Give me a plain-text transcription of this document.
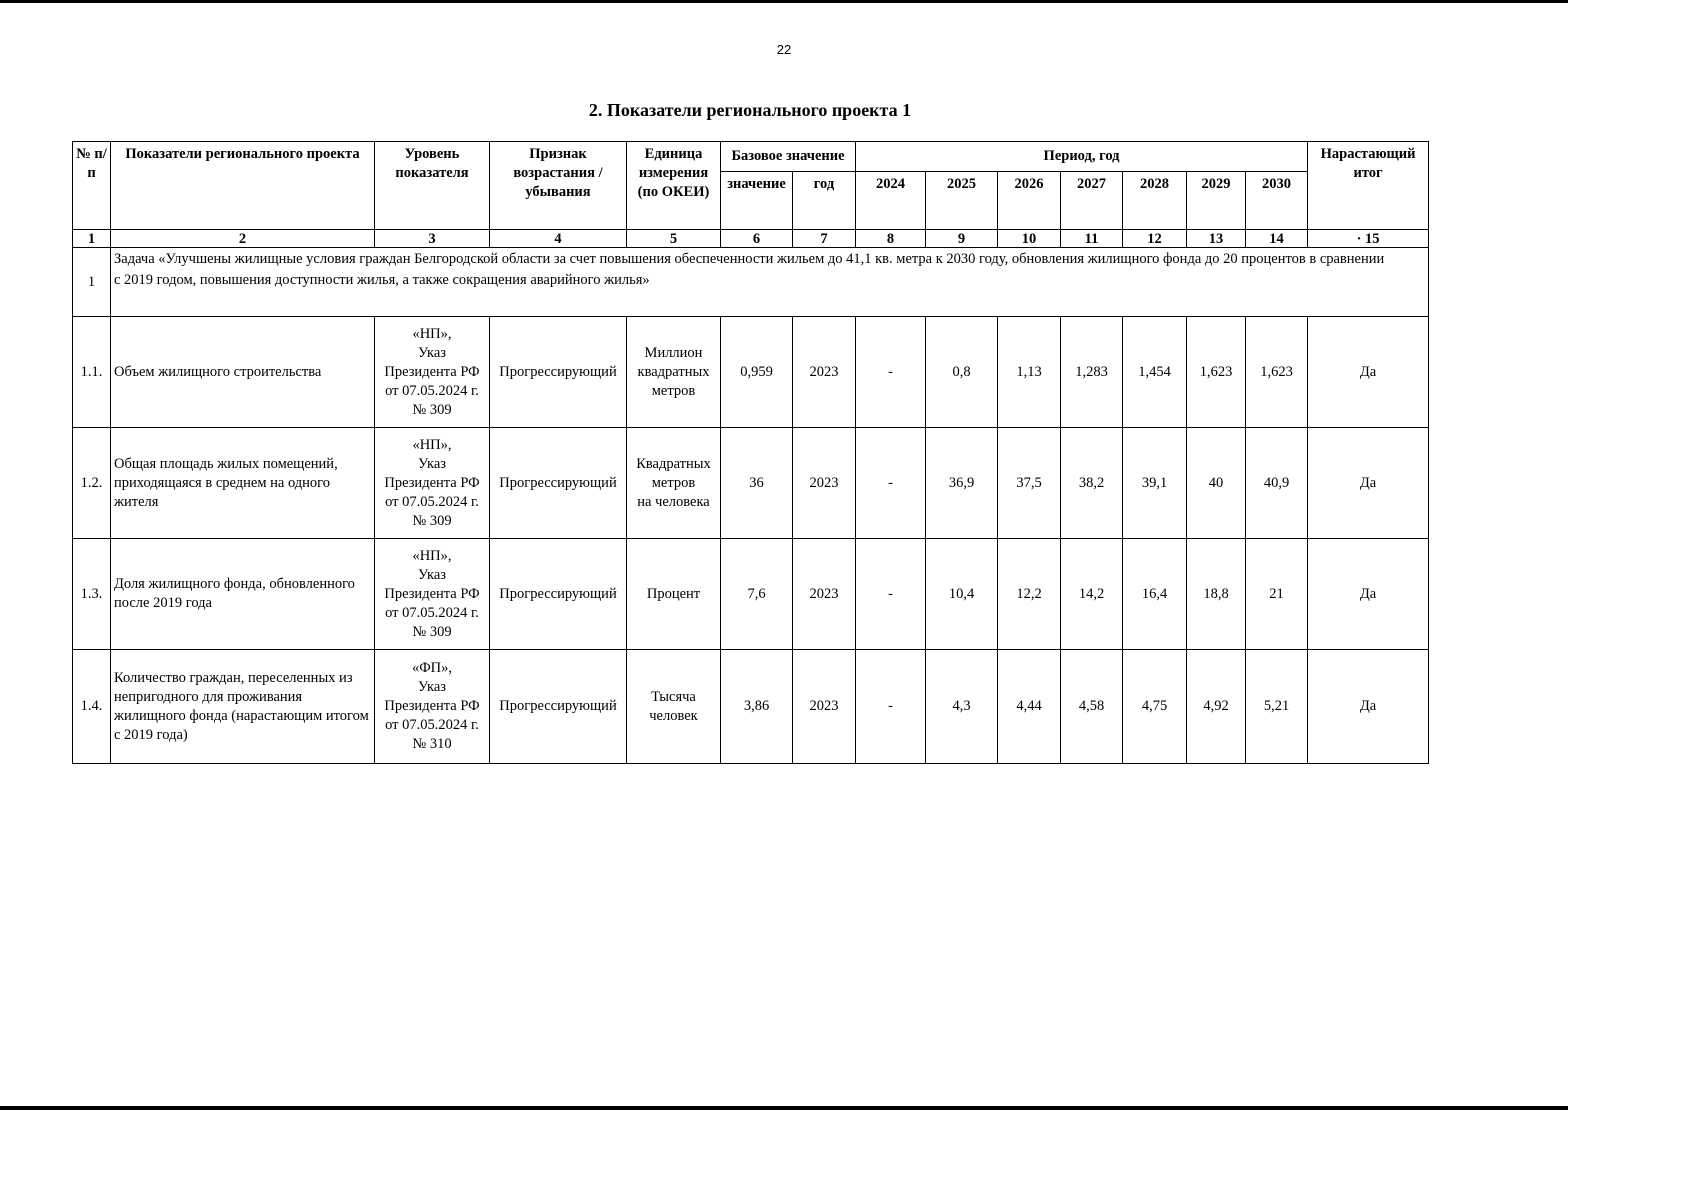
22
2. Показатели регионального проекта 1
№ п/п	Показатели регионального проекта	Уровень показателя	Признак возрастания / убывания	Единица измерения (по ОКЕИ)	Базовое значение		Период, год							Нарастающий итог
					значение	год	2024	2025	2026	2027	2028	2029	2030	
1	2	3	4	5	6	7	8	9	10	11	12	13	14	· 15
1	Задача «Улучшены жилищные условия граждан Белгородской области за счет повышения обеспеченности жильем до 41,1 кв. метра к 2030 году, обновления жилищного фонда до 20 процентов в сравнении
с 2019 годом, повышения доступности жилья, а также сокращения аварийного жилья»													
1.1.	Объем жилищного строительства	«НП»,
Указ
Президента РФ
от 07.05.2024 г.
№ 309	Прогрессирующий	Миллион
квадратных
метров	0,959	2023	-	0,8	1,13	1,283	1,454	1,623	1,623	Да
1.2.	Общая площадь жилых помещений, приходящаяся в среднем на одного жителя	«НП»,
Указ
Президента РФ
от 07.05.2024 г.
№ 309	Прогрессирующий	Квадратных
метров
на человека	36	2023	-	36,9	37,5	38,2	39,1	40	40,9	Да
1.3.	Доля жилищного фонда, обновленного после 2019 года	«НП»,
Указ
Президента РФ
от 07.05.2024 г.
№ 309	Прогрессирующий	Процент	7,6	2023	-	10,4	12,2	14,2	16,4	18,8	21	Да
1.4.	Количество граждан, переселенных из непригодного для проживания жилищного фонда (нарастающим итогом с 2019 года)	«ФП»,
Указ
Президента РФ
от 07.05.2024 г.
№ 310	Прогрессирующий	Тысяча
человек	3,86	2023	-	4,3	4,44	4,58	4,75	4,92	5,21	Да
